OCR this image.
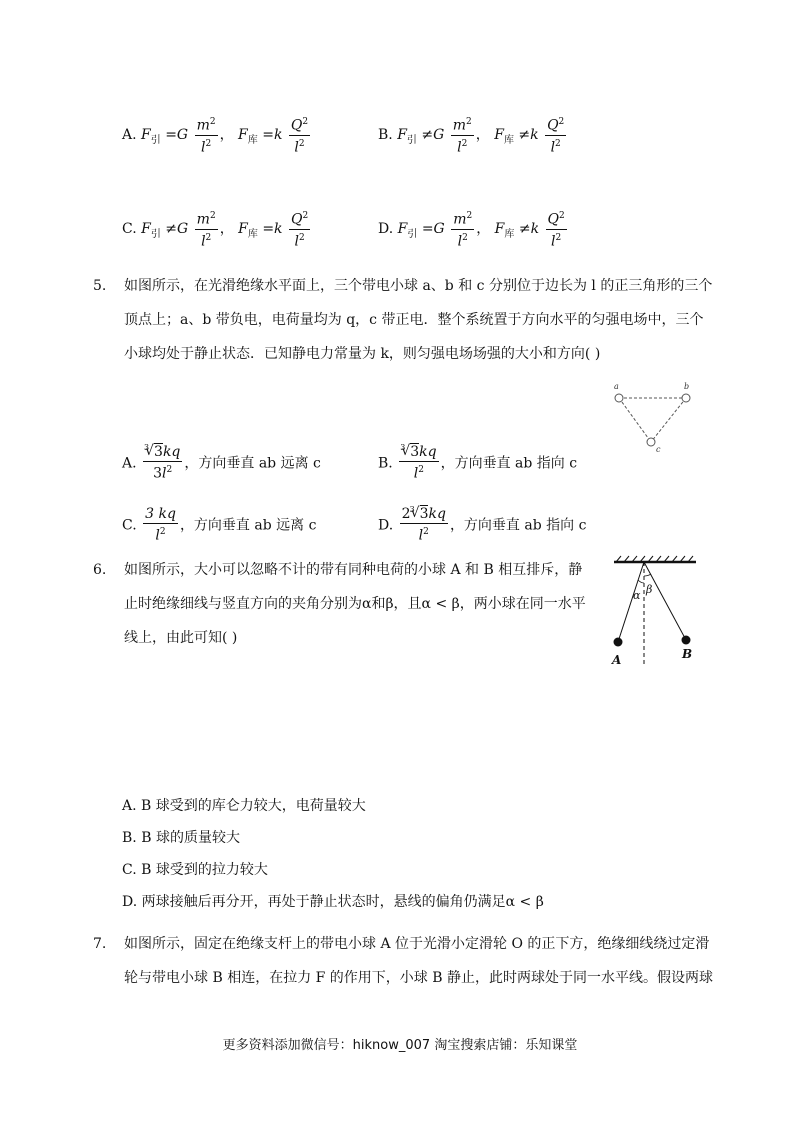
A. $F_引 =G \frac{m^2}{l^2}$ ， $F_库 =k \frac{Q^2}{l^2}$	B. $F_引 \ne G \frac{m^2}{l^2}$ ， $F_库 \ne k \frac{Q^2}{l^2}$
C. $F_引 \ne G \frac{m^2}{l^2}$ ， $F_库 =k \frac{Q^2}{l^2}$	D. $F_引 =G \frac{m^2}{l^2}$ ， $F_库 \ne k \frac{Q^2}{l^2}$
5. 如图所示，在光滑绝缘水平面上，三个带电小球 a、b 和 c 分别位于边长为 l 的正三角形的三个
顶点上；a、b 带负电，电荷量均为 q，c 带正电．整个系统置于方向水平的匀强电场中，三个
小球均处于静止状态．已知静电力常量为 k，则匀强电场场强的大小和方向( )
a	b
c
A.
√ $\frac{3 3kq}{3l^2}$ ，方向垂直 ab 远离 c	B.
√ $\frac{3 3kq}{l^2}$ ，方向垂直 ab 指向 c
C. $\frac{3 kq}{l^2}$ ，方向垂直 ab 远离 c	D. 2
√ 3 3kq
$l^2$ ，方向垂直 ab 指向 c
6. 如图所示，大小可以忽略不计的带有同种电荷的小球 A 和 B 相互排斥，静
止时绝缘细线与竖直方向的夹角分别为α和β，且α < β，两小球在同一水平
线上，由此可知( )
α β
A	B
A. B 球受到的库仑力较大，电荷量较大
B. B 球的质量较大
C. B 球受到的拉力较大
D. 两球接触后再分开，再处于静止状态时，悬线的偏角仍满足α < β
7. 如图所示，固定在绝缘支杆上的带电小球 A 位于光滑小定滑轮 O 的正下方，绝缘细线绕过定滑
轮与带电小球 B 相连，在拉力 F 的作用下，小球 B 静止，此时两球处于同一水平线。假设两球
更多资料添加微信号：hiknow_007 淘宝搜索店铺：乐知课堂
